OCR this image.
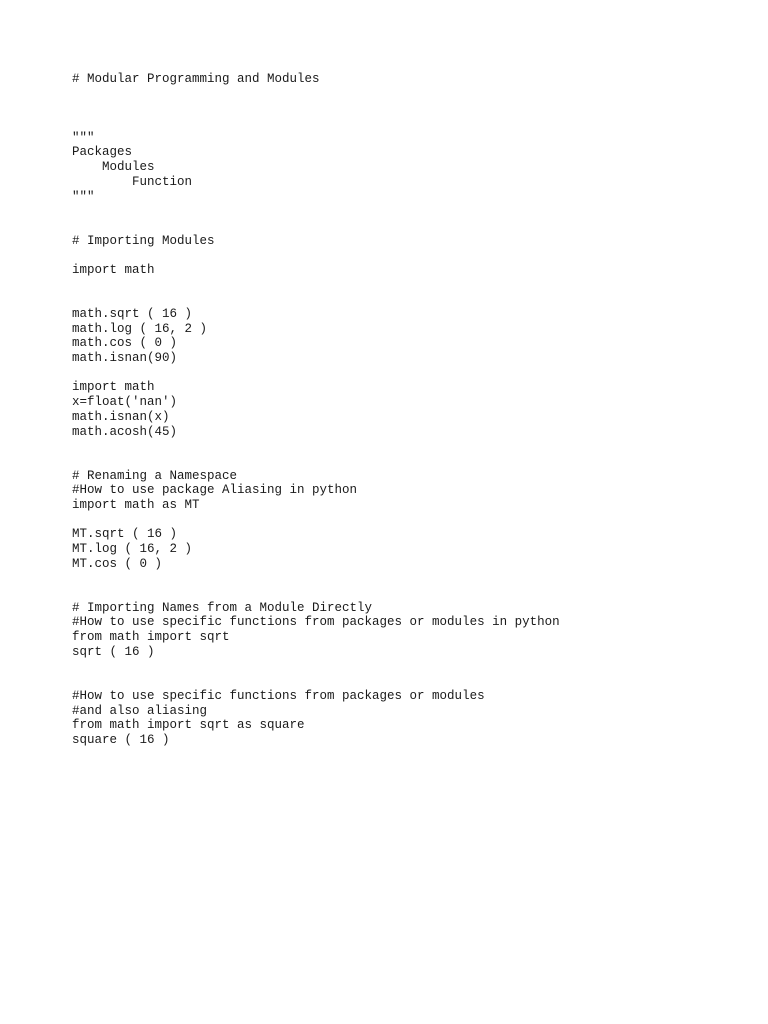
# Modular Programming and Modules
"""
Packages
Modules
Function
"""
# Importing Modules
import math
math.sqrt ( 16 )
math.log ( 16, 2 )
math.cos ( 0 )
math.isnan(90)
import math
x=float('nan')
math.isnan(x)
math.acosh(45)
# Renaming a Namespace
#How to use package Aliasing in python
import math as MT
MT.sqrt ( 16 )
MT.log ( 16, 2 )
MT.cos ( 0 )
# Importing Names from a Module Directly
#How to use specific functions from packages or modules in python
from math import sqrt
sqrt ( 16 )
#How to use specific functions from packages or modules
#and also aliasing
from math import sqrt as square
square ( 16 )
